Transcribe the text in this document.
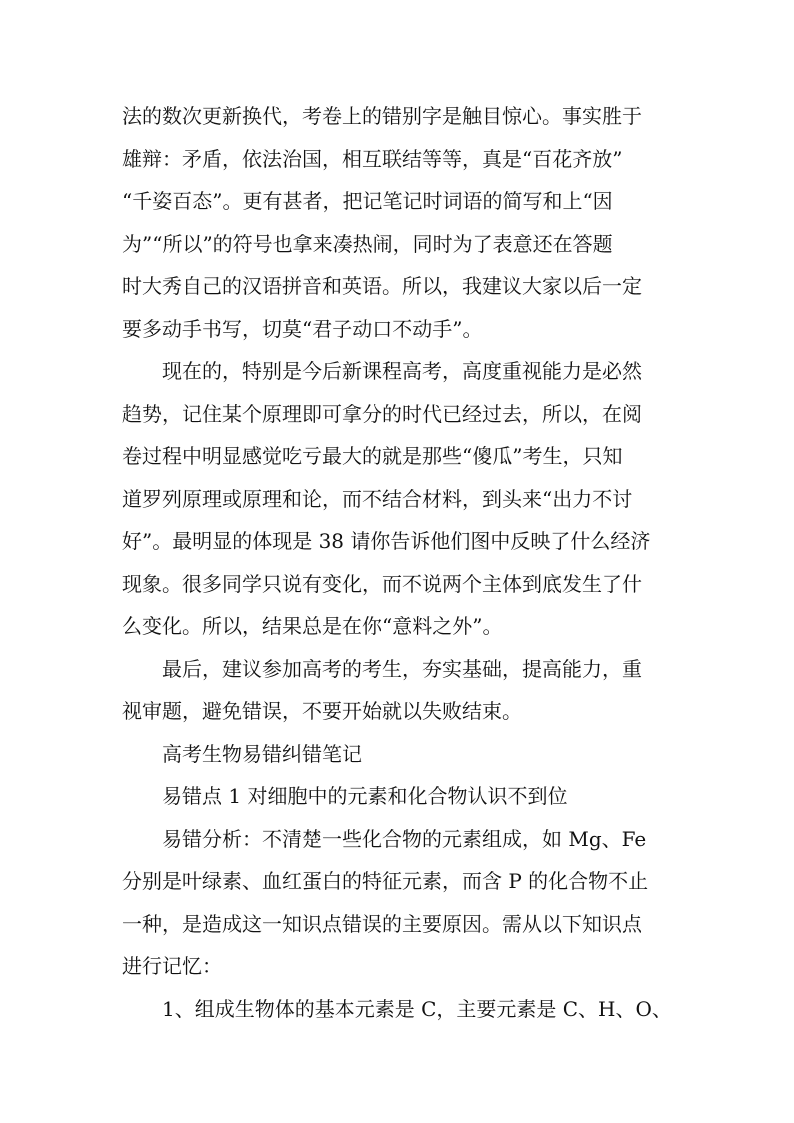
法的数次更新换代，考卷上的错别字是触目惊心。事实胜于
雄辩：矛盾，依法治国，相互联结等等，真是“百花齐放”
“千姿百态”。更有甚者，把记笔记时词语的简写和上“因
为”“所以”的符号也拿来凑热闹，同时为了表意还在答题
时大秀自己的汉语拼音和英语。所以，我建议大家以后一定
要多动手书写，切莫“君子动口不动手”。
现在的，特别是今后新课程高考，高度重视能力是必然
趋势，记住某个原理即可拿分的时代已经过去，所以，在阅
卷过程中明显感觉吃亏最大的就是那些“傻瓜”考生，只知
道罗列原理或原理和论，而不结合材料，到头来“出力不讨
好”。最明显的体现是 38 请你告诉他们图中反映了什么经济
现象。很多同学只说有变化，而不说两个主体到底发生了什
么变化。所以，结果总是在你“意料之外”。
最后，建议参加高考的考生，夯实基础，提高能力，重
视审题，避免错误，不要开始就以失败结束。
高考生物易错纠错笔记
易错点 1 对细胞中的元素和化合物认识不到位
易错分析：不清楚一些化合物的元素组成，如 Mg、Fe
分别是叶绿素、血红蛋白的特征元素，而含 P 的化合物不止
一种，是造成这一知识点错误的主要原因。需从以下知识点
进行记忆：
1、组成生物体的基本元素是 C，主要元素是 C、H、O、
